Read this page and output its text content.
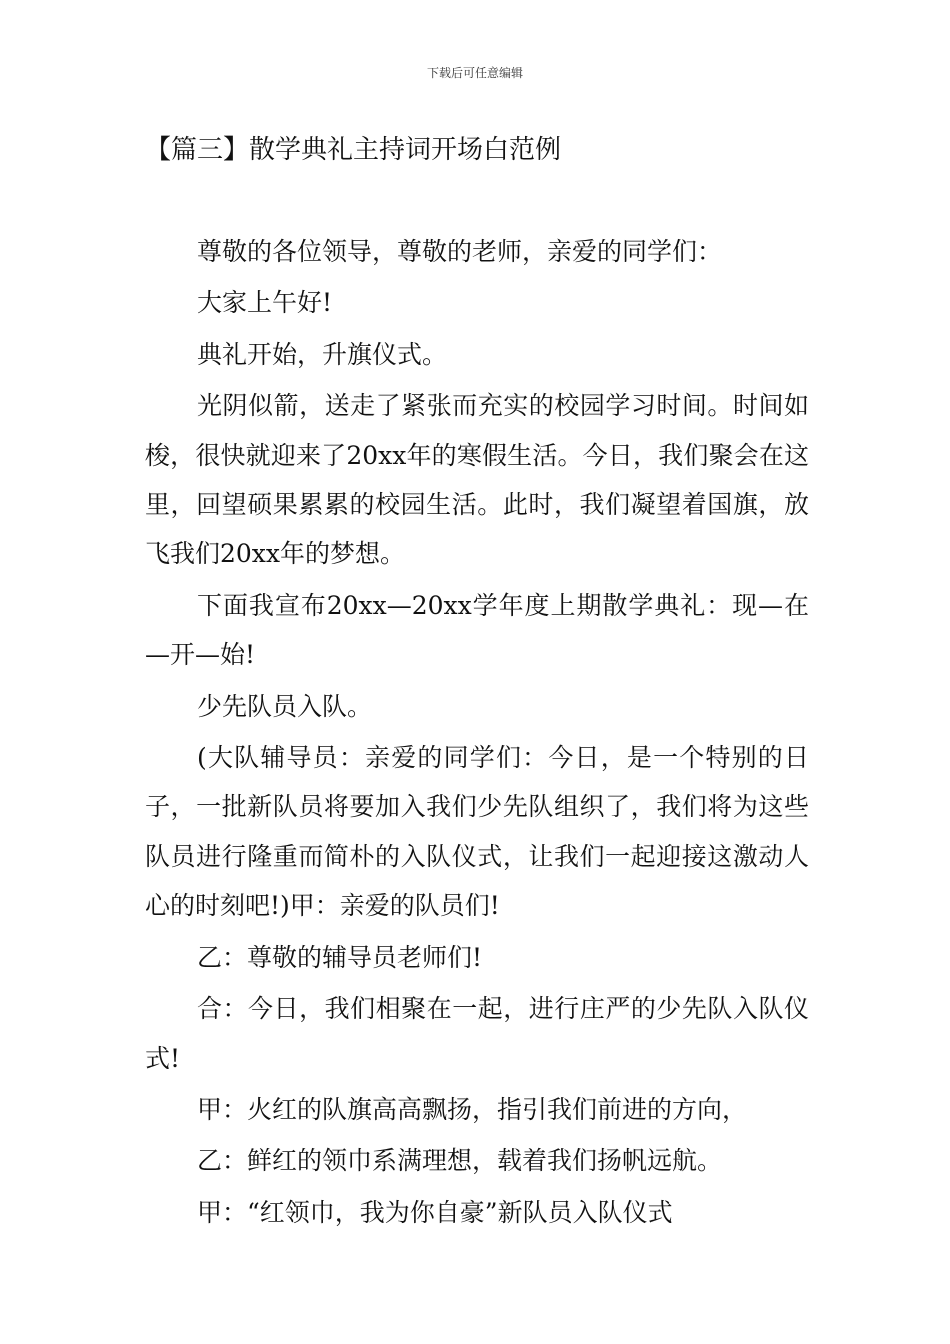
下载后可任意编辑
【篇三】散学典礼主持词开场白范例

尊敬的各位领导，尊敬的老师，亲爱的同学们：

大家上午好!

典礼开始，升旗仪式。

光阴似箭，送走了紧张而充实的校园学习时间。时间如梭，很快就迎来了20xx年的寒假生活。今日，我们聚会在这里，回望硕果累累的校园生活。此时，我们凝望着国旗，放飞我们20xx年的梦想。

下面我宣布20xx—20xx学年度上期散学典礼：现—在—开—始!

少先队员入队。

(大队辅导员：亲爱的同学们：今日，是一个特别的日子，一批新队员将要加入我们少先队组织了，我们将为这些队员进行隆重而简朴的入队仪式，让我们一起迎接这激动人心的时刻吧!)甲：亲爱的队员们!

乙：尊敬的辅导员老师们!

合：今日，我们相聚在一起，进行庄严的少先队入队仪式!

甲：火红的队旗高高飘扬，指引我们前进的方向，

乙：鲜红的领巾系满理想，载着我们扬帆远航。

甲：“红领巾，我为你自豪”新队员入队仪式
